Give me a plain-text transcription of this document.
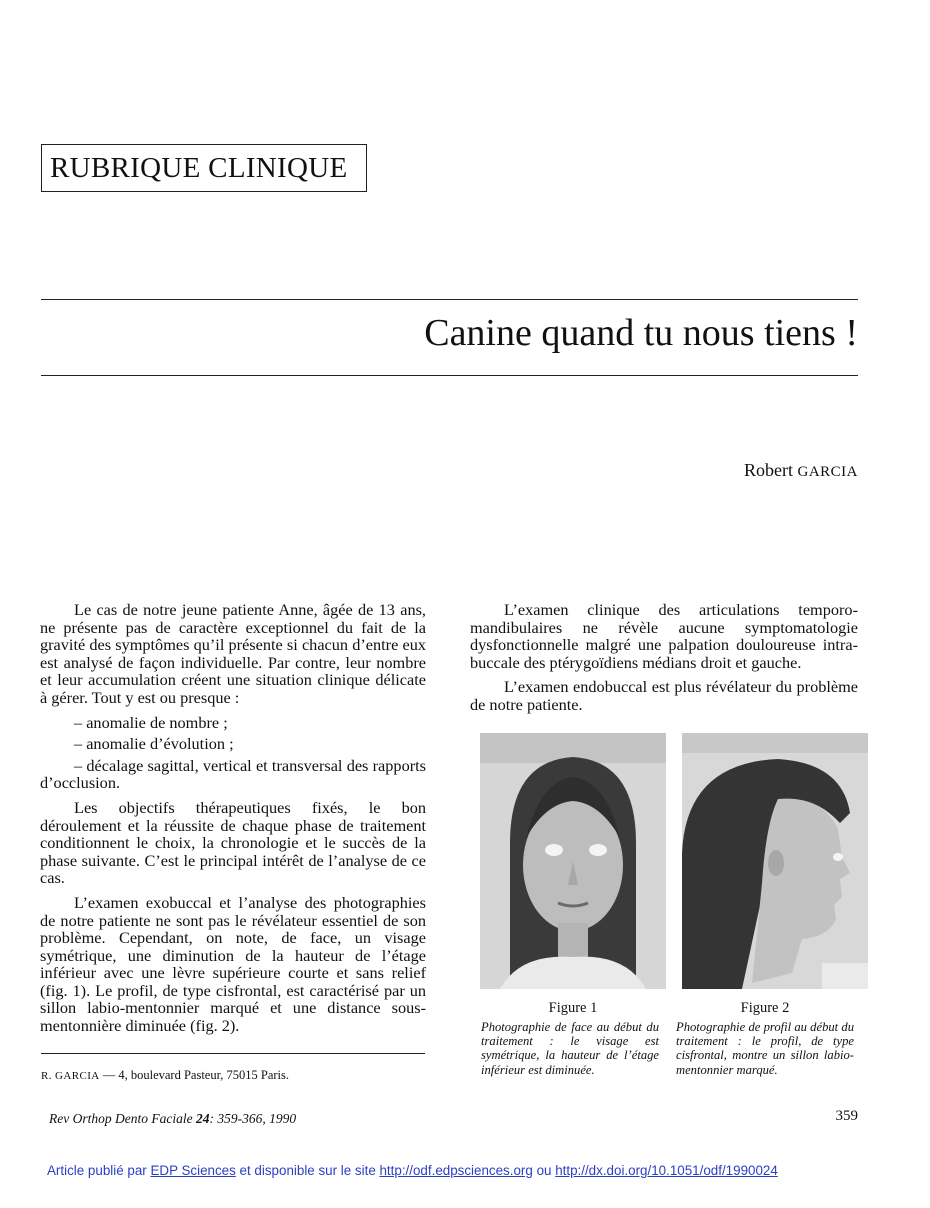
RUBRIQUE CLINIQUE
Canine quand tu nous tiens !
Robert GARCIA

Le cas de notre jeune patiente Anne, âgée de 13 ans, ne présente pas de caractère exceptionnel du fait de la gravité des symptômes qu’il présente si chacun d’entre eux est analysé de façon individuelle. Par contre, leur nombre et leur accumulation créent une situation clinique délicate à gérer. Tout y est ou presque :

– anomalie de nombre ;

– anomalie d’évolution ;

– décalage sagittal, vertical et transversal des rapports d’occlusion.

Les objectifs thérapeutiques fixés, le bon déroulement et la réussite de chaque phase de traitement conditionnent le choix, la chronologie et le succès de la phase suivante. C’est le principal intérêt de l’analyse de ce cas.

L’examen exobuccal et l’analyse des photographies de notre patiente ne sont pas le révélateur essentiel de son problème. Cependant, on note, de face, un visage symétrique, une diminution de la hauteur de l’étage inférieur avec une lèvre supérieure courte et sans relief (fig. 1). Le profil, de type cisfrontal, est caractérisé par un sillon labio-mentonnier marqué et une distance sous-mentonnière diminuée (fig. 2).

L’examen clinique des articulations temporo-mandibulaires ne révèle aucune symptomatologie dysfonctionnelle malgré une palpation douloureuse intra-buccale des ptérygoïdiens médians droit et gauche.

L’examen endobuccal est plus révélateur du problème de notre patiente.

Figure 1	Figure 2
Photographie de face au début du traitement : le visage est symétrique, la hauteur de l’étage inférieur est diminuée.
Photographie de profil au début du traitement : le profil, de type cisfrontal, montre un sillon labio-mentonnier marqué.
R. GARCIA — 4, boulevard Pasteur, 75015 Paris.
Rev Orthop Dento Faciale 24: 359-366, 1990	359
Article publié par EDP Sciences et disponible sur le site http://odf.edpsciences.org ou http://dx.doi.org/10.1051/odf/1990024
